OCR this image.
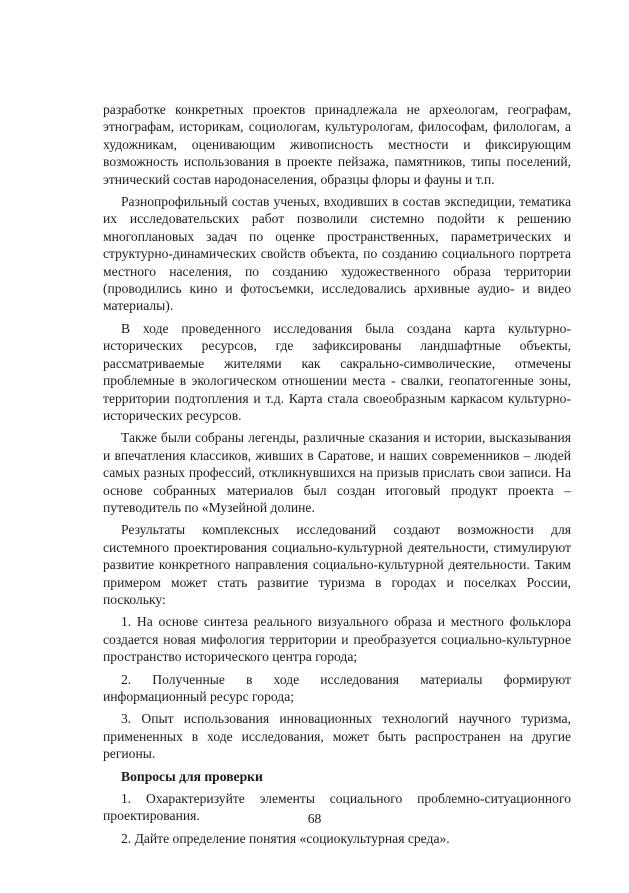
разработке конкретных проектов принадлежала не археологам, географам, этнографам, историкам, социологам, культурологам, философам, филологам, а художникам, оценивающим живописность местности и фиксирующим возможность использования в проекте пейзажа, памятников, типы поселений, этнический состав народонаселения, образцы флоры и фауны и т.п.

Разнопрофильный состав ученых, входивших в состав экспедиции, тематика их исследовательских работ позволили системно подойти к решению многоплановых задач по оценке пространственных, параметрических и структурно-динамических свойств объекта, по созданию социального портрета местного населения, по созданию художественного образа территории (проводились кино и фотосъемки, исследовались архивные аудио- и видео материалы).

В ходе проведенного исследования была создана карта культурно-исторических ресурсов, где зафиксированы ландшафтные объекты, рассматриваемые жителями как сакрально-символические, отмечены проблемные в экологическом отношении места - свалки, геопатогенные зоны, территории подтопления и т.д. Карта стала своеобразным каркасом культурно-исторических ресурсов.

Также были собраны легенды, различные сказания и истории, высказывания и впечатления классиков, живших в Саратове, и наших современников – людей самых разных профессий, откликнувшихся на призыв прислать свои записи. На основе собранных материалов был создан итоговый продукт проекта – путеводитель по «Музейной долине.

Результаты комплексных исследований создают возможности для системного проектирования социально-культурной деятельности, стимулируют развитие конкретного направления социально-культурной деятельности. Таким примером может стать развитие туризма в городах и поселках России, поскольку:

1. На основе синтеза реального визуального образа и местного фольклора создается новая мифология территории и преобразуется социально-культурное пространство исторического центра города;

2. Полученные в ходе исследования материалы формируют информационный ресурс города;

3. Опыт использования инновационных технологий научного туризма, примененных в ходе исследования, может быть распространен на другие регионы.

Вопросы для проверки

1. Охарактеризуйте элементы социального проблемно-ситуационного проектирования.

2. Дайте определение понятия «социокультурная среда».

68
